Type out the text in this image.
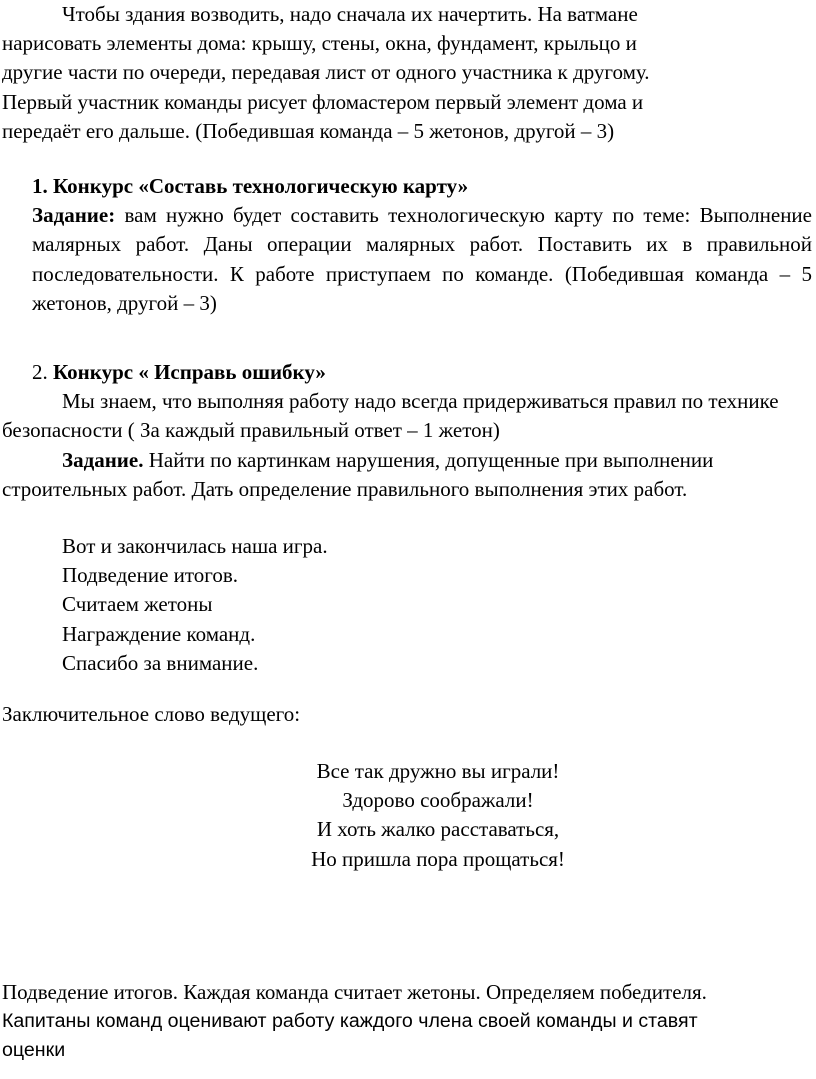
Чтобы здания возводить, надо сначала их начертить. На ватмане

нарисовать элементы дома: крышу, стены, окна, фундамент, крыльцо и

другие части по очереди, передавая лист от одного участника к другому.

Первый участник команды рисует фломастером первый элемент дома и

передаёт его дальше. (Победившая команда – 5 жетонов, другой – 3)

1. Конкурс «Составь технологическую карту»

Задание: вам нужно будет составить технологическую карту по теме: Выполнение малярных работ. Даны операции малярных работ. Поставить их в правильной последовательности. К работе приступаем по команде. (Победившая команда – 5 жетонов, другой – 3)

2. Конкурс « Исправь ошибку»

Мы знаем, что выполняя работу надо всегда придерживаться правил по технике безопасности ( За каждый правильный ответ – 1 жетон)

Задание. Найти по картинкам нарушения, допущенные при выполнении строительных работ. Дать определение правильного выполнения этих работ.

Вот и закончилась наша игра.

Подведение итогов.

Считаем жетоны

Награждение команд.

Спасибо за внимание.

Заключительное слово ведущего:

Все так дружно вы играли!

Здорово соображали!

И хоть жалко расставаться,

Но пришла пора прощаться!

Подведение итогов. Каждая команда считает жетоны. Определяем победителя.

Капитаны команд оценивают работу каждого члена своей команды и ставят

оценки
